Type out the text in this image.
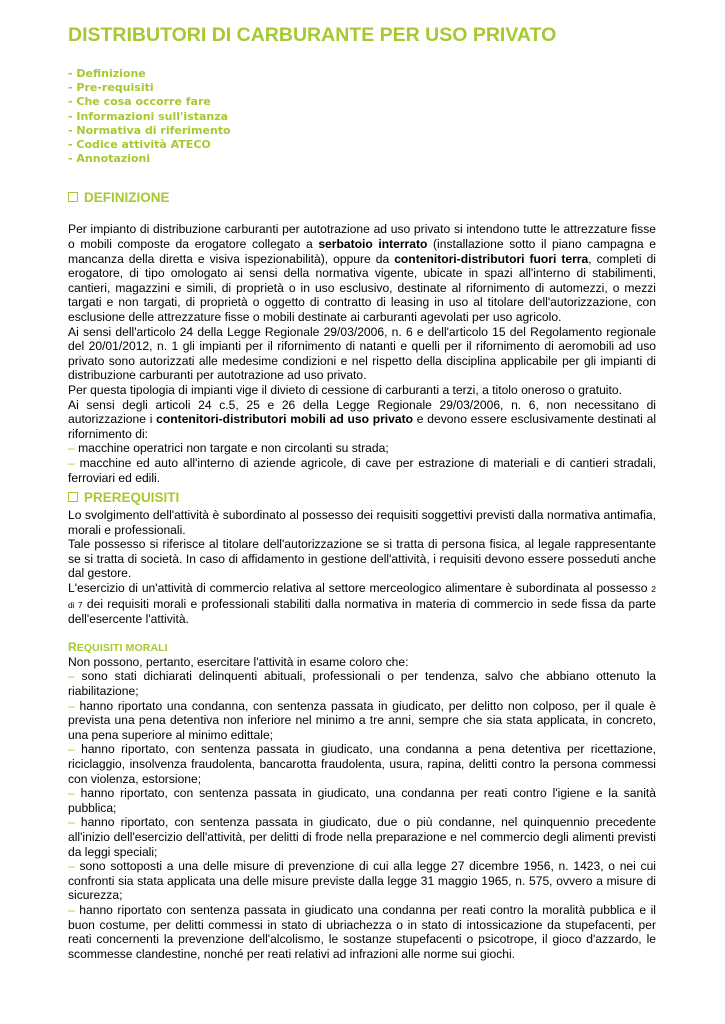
DISTRIBUTORI DI CARBURANTE PER USO PRIVATO
- Definizione
- Pre-requisiti
- Che cosa occorre fare
- Informazioni sull'istanza
- Normativa di riferimento
- Codice attività ATECO
- Annotazioni
DEFINIZIONE

Per impianto di distribuzione carburanti per autotrazione ad uso privato si intendono tutte le attrezzature fisse o mobili composte da erogatore collegato a serbatoio interrato (installazione sotto il piano campagna e mancanza della diretta e visiva ispezionabilità), oppure da contenitori-distributori fuori terra, completi di erogatore, di tipo omologato ai sensi della normativa vigente, ubicate in spazi all'interno di stabilimenti, cantieri, magazzini e simili, di proprietà o in uso esclusivo, destinate al rifornimento di automezzi, o mezzi targati e non targati, di proprietà o oggetto di contratto di leasing in uso al titolare dell'autorizzazione, con esclusione delle attrezzature fisse o mobili destinate ai carburanti agevolati per uso agricolo.

Ai sensi dell'articolo 24 della Legge Regionale 29/03/2006, n. 6 e dell'articolo 15 del Regolamento regionale del 20/01/2012, n. 1 gli impianti per il rifornimento di natanti e quelli per il rifornimento di aeromobili ad uso privato sono autorizzati alle medesime condizioni e nel rispetto della disciplina applicabile per gli impianti di distribuzione carburanti per autotrazione ad uso privato.

Per questa tipologia di impianti vige il divieto di cessione di carburanti a terzi, a titolo oneroso o gratuito.

Ai sensi degli articoli 24 c.5, 25 e 26 della Legge Regionale 29/03/2006, n. 6, non necessitano di autorizzazione i contenitori-distributori mobili ad uso privato e devono essere esclusivamente destinati al rifornimento di:

– macchine operatrici non targate e non circolanti su strada;

– macchine ed auto all'interno di aziende agricole, di cave per estrazione di materiali e di cantieri stradali, ferroviari ed edili.

PREREQUISITI

Lo svolgimento dell'attività è subordinato al possesso dei requisiti soggettivi previsti dalla normativa antimafia, morali e professionali.

Tale possesso si riferisce al titolare dell'autorizzazione se si tratta di persona fisica, al legale rappresentante se si tratta di società. In caso di affidamento in gestione dell'attività, i requisiti devono essere posseduti anche dal gestore.

L'esercizio di un'attività di commercio relativa al settore merceologico alimentare è subordinata al possesso 2 di 7 dei requisiti morali e professionali stabiliti dalla normativa in materia di commercio in sede fissa da parte dell'esercente l'attività.

REQUISITI MORALI

Non possono, pertanto, esercitare l'attività in esame coloro che:

– sono stati dichiarati delinquenti abituali, professionali o per tendenza, salvo che abbiano ottenuto la riabilitazione;

– hanno riportato una condanna, con sentenza passata in giudicato, per delitto non colposo, per il quale è prevista una pena detentiva non inferiore nel minimo a tre anni, sempre che sia stata applicata, in concreto, una pena superiore al minimo edittale;

– hanno riportato, con sentenza passata in giudicato, una condanna a pena detentiva per ricettazione, riciclaggio, insolvenza fraudolenta, bancarotta fraudolenta, usura, rapina, delitti contro la persona commessi con violenza, estorsione;

– hanno riportato, con sentenza passata in giudicato, una condanna per reati contro l'igiene e la sanità pubblica;

– hanno riportato, con sentenza passata in giudicato, due o più condanne, nel quinquennio precedente all'inizio dell'esercizio dell'attività, per delitti di frode nella preparazione e nel commercio degli alimenti previsti da leggi speciali;

– sono sottoposti a una delle misure di prevenzione di cui alla legge 27 dicembre 1956, n. 1423, o nei cui confronti sia stata applicata una delle misure previste dalla legge 31 maggio 1965, n. 575, ovvero a misure di sicurezza;

– hanno riportato con sentenza passata in giudicato una condanna per reati contro la moralità pubblica e il buon costume, per delitti commessi in stato di ubriachezza o in stato di intossicazione da stupefacenti, per reati concernenti la prevenzione dell'alcolismo, le sostanze stupefacenti o psicotrope, il gioco d'azzardo, le scommesse clandestine, nonché per reati relativi ad infrazioni alle norme sui giochi.
